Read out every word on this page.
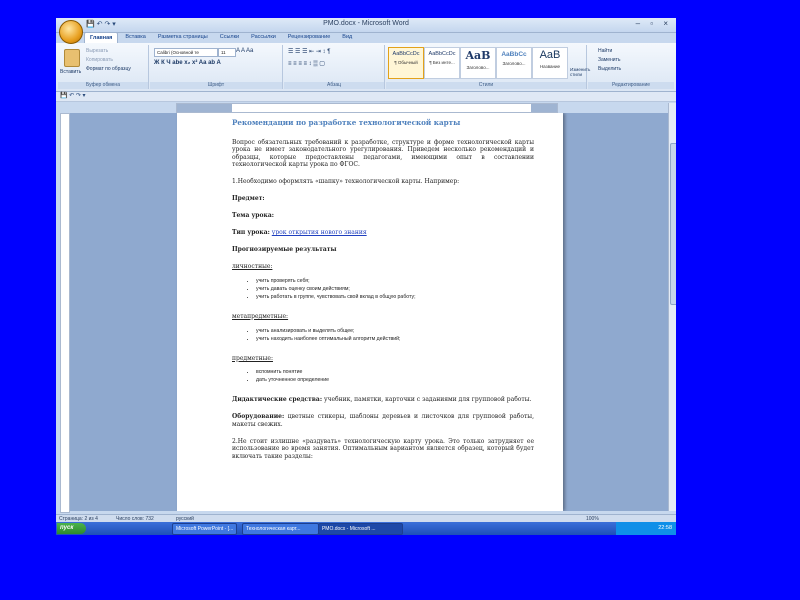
💾 ↶ ↷ ▾	РМО.docx - Microsoft Word	– ▫ ×
Главная	Вставка	Разметка страницы	Ссылки	Рассылки	Рецензирование	Вид
Вставить
Вырезать
Копировать
Формат по образцу
Буфер обмена
Calibri (Основной те	11	A A Aa
Ж К Ч abe x₂ x² Aa ab A
Шрифт
☰ ☰ ☰ ⇤ ⇥ ↕ ¶
≡ ≡ ≡ ≡ ↕ ▒ ▢
Абзац
AaBbCcDc
¶ Обычный
AaBbCcDc
¶ Без инте...
AaB
Заголово...
AaBbCc
Заголово...
AaB
Название
Изменить стили
Стили
Найти
Заменить
Выделить
Редактирование
💾 ↶ ↷ ▾

Рекомендации по разработке технологической карты

Вопрос обязательных требований к разработке, структуре и форме технологической карты урока не имеет законодательного урегулирования. Приведем несколько рекомендаций и образцы, которые предоставлены педагогами, имеющими опыт в составлении технологической карты урока по ФГОС.

1.Необходимо оформлять «шапку» технологической карты. Например:

Предмет:

Тема урока:

Тип урока: урок открытия нового знания

Прогнозируемые результаты

личностные:

• учить проверять себя;
• учить давать оценку своим действиям;
• учить работать в группе, чувствовать свой вклад в общую работу;

метапредметные:

• учить анализировать и выделять общее;
• учить находить наиболее оптимальный алгоритм действий;

предметные:

• вспомнить понятие
• дать уточненное определение

Дидактические средства: учебник, памятки, карточки с заданиями для групповой работы.

Оборудование: цветные стикеры, шаблоны деревьев и листочков для групповой работы, макеты свежих.

2.Не стоит излишне «раздувать» технологическую карту урока. Это только затрудняет ее использование во время занятия. Оптимальным вариантом является образец, который будет включать такие разделы:

Страница: 2 из 4	Число слов: 732	русский	100%
пуск	Microsoft PowerPoint - [...	Технологическая карт...	РМО.docx - Microsoft ...	22:58
